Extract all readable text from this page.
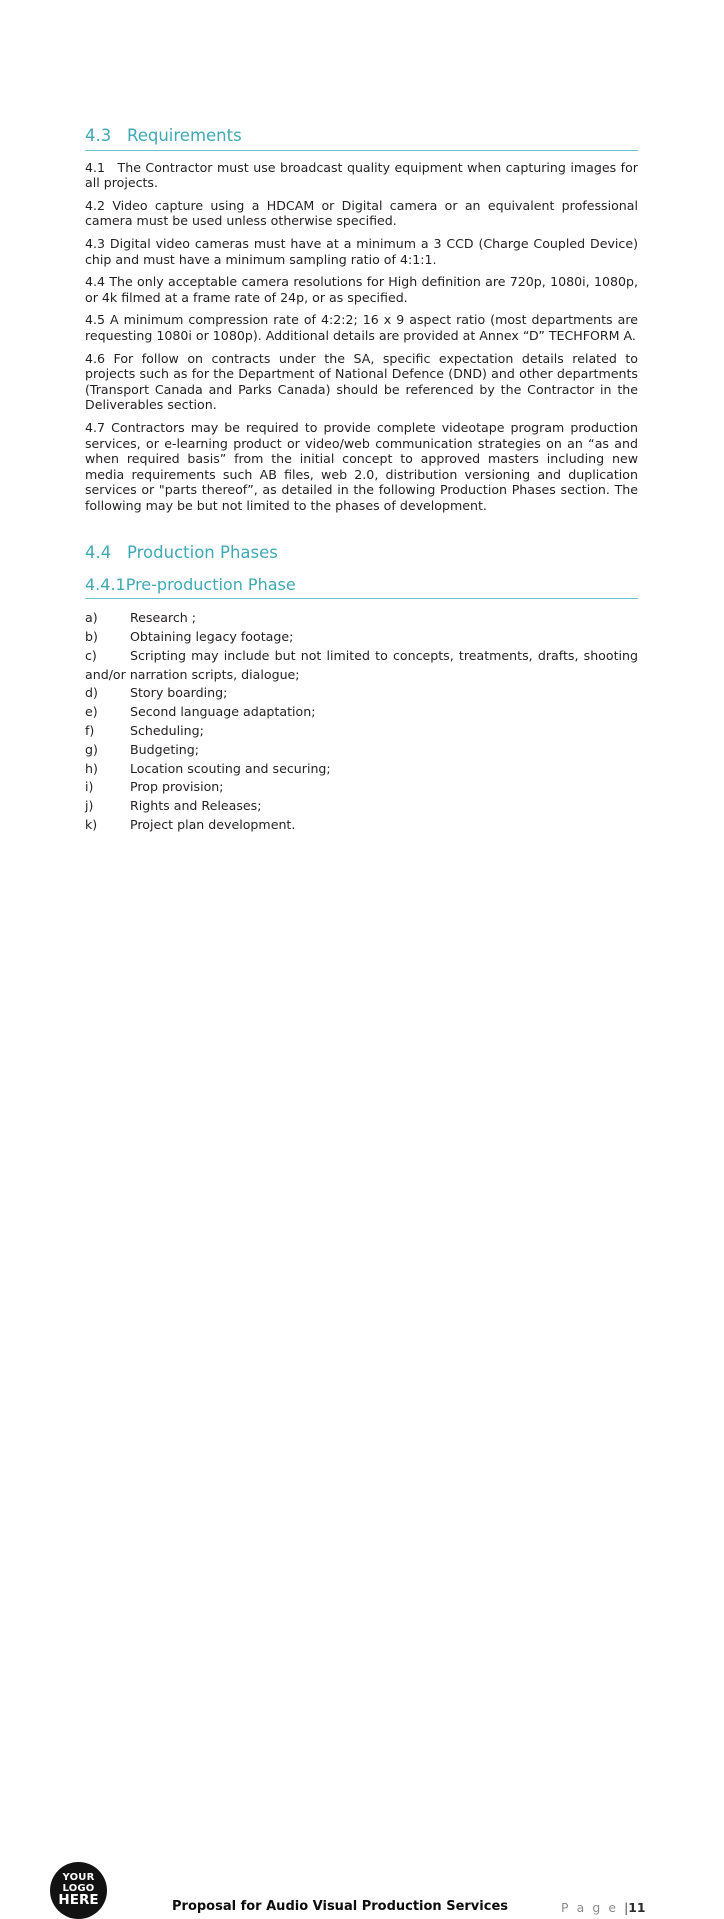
4.3   Requirements

4.1	The Contractor must use broadcast quality equipment when capturing images for all projects.

4.2 Video capture using a HDCAM or Digital camera or an equivalent professional camera must be used unless otherwise specified.

4.3 Digital video cameras must have at a minimum a 3 CCD (Charge Coupled Device) chip and must have a minimum sampling ratio of 4:1:1.

4.4 The only acceptable camera resolutions for High definition are 720p, 1080i, 1080p, or 4k filmed at a frame rate of 24p, or as specified.

4.5 A minimum compression rate of 4:2:2; 16 x 9 aspect ratio (most departments are requesting 1080i or 1080p). Additional details are provided at Annex “D” TECHFORM A.

4.6 For follow on contracts under the SA, specific expectation details related to projects such as for the Department of National Defence (DND) and other departments (Transport Canada and Parks Canada) should be referenced by the Contractor in the Deliverables section.

4.7 Contractors may be required to provide complete videotape program production services, or e-learning product or video/web communication strategies on an “as and when required basis” from the initial concept to approved masters including new media requirements such AB files, web 2.0, distribution versioning and duplication services or "parts thereof”, as detailed in the following Production Phases section. The following may be but not limited to the phases of development.

4.4   Production Phases
4.4.1Pre-production Phase

a)	Research ;

b)	Obtaining legacy footage;

c)	Scripting may include but not limited to concepts, treatments, drafts, shooting and/or narration scripts, dialogue;

d)	Story boarding;

e)	Second language adaptation;

f)	Scheduling;

g)	Budgeting;

h)	Location scouting and securing;

i)	Prop provision;

j)	Rights and Releases;

k)	Project plan development.

YOUR
LOGO
HERE	Proposal for Audio Visual Production Services	P a g e |11
